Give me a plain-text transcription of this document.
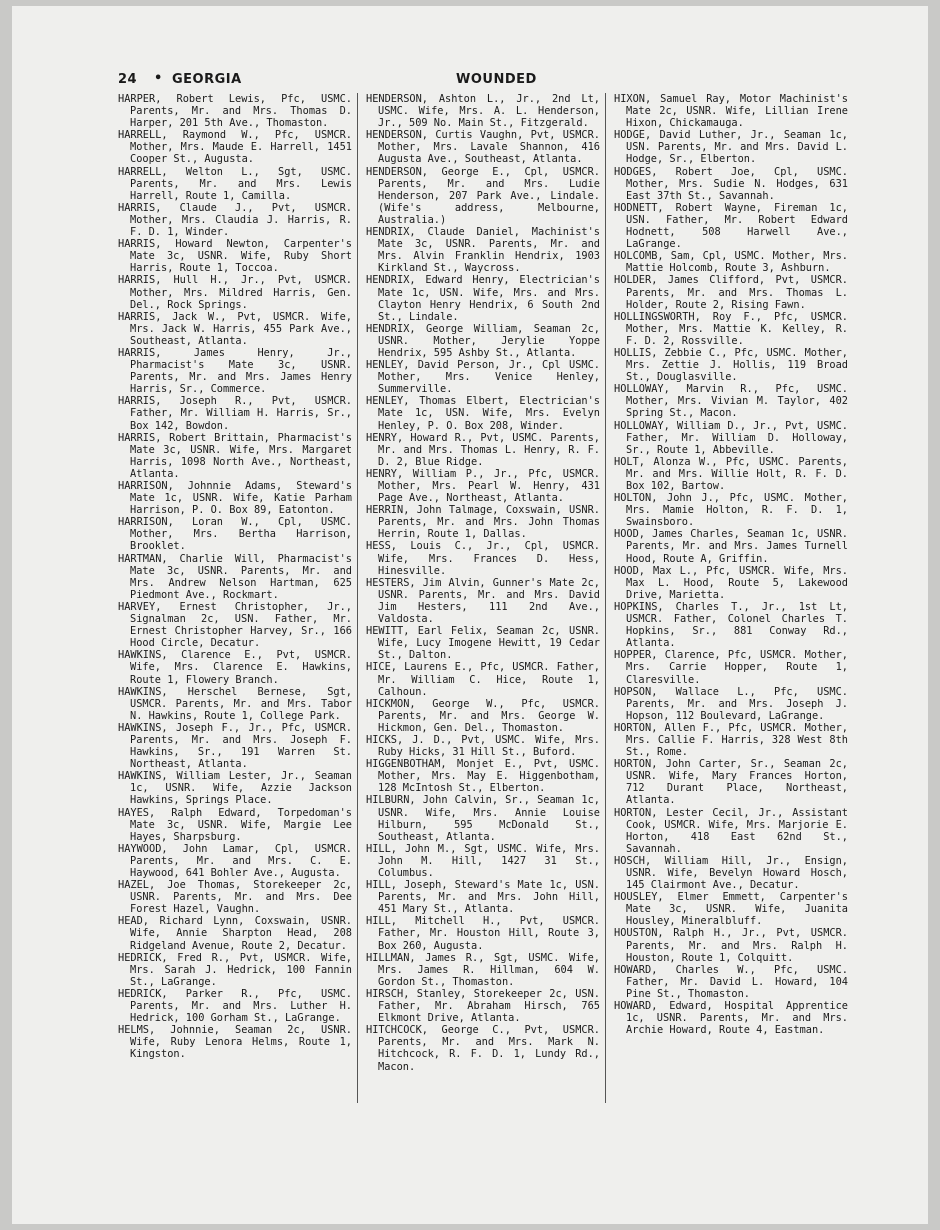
24 • GEORGIA	WOUNDED

HARPER, Robert Lewis, Pfc, USMC. Parents, Mr. and Mrs. Thomas D. Harper, 201 5th Ave., Thomaston.

HARRELL, Raymond W., Pfc, USMCR. Mother, Mrs. Maude E. Harrell, 1451 Cooper St., Augusta.

HARRELL, Welton L., Sgt, USMC. Parents, Mr. and Mrs. Lewis Harrell, Route 1, Camilla.

HARRIS, Claude J., Pvt, USMCR. Mother, Mrs. Claudia J. Harris, R. F. D. 1, Winder.

HARRIS, Howard Newton, Carpenter's Mate 3c, USNR. Wife, Ruby Short Harris, Route 1, Toccoa.

HARRIS, Hull H., Jr., Pvt, USMCR. Mother, Mrs. Mildred Harris, Gen. Del., Rock Springs.

HARRIS, Jack W., Pvt, USMCR. Wife, Mrs. Jack W. Harris, 455 Park Ave., Southeast, Atlanta.

HARRIS, James Henry, Jr., Pharmacist's Mate 3c, USNR. Parents, Mr. and Mrs. James Henry Harris, Sr., Commerce.

HARRIS, Joseph R., Pvt, USMCR. Father, Mr. William H. Harris, Sr., Box 142, Bowdon.

HARRIS, Robert Brittain, Pharmacist's Mate 3c, USNR. Wife, Mrs. Margaret Harris, 1098 North Ave., Northeast, Atlanta.

HARRISON, Johnnie Adams, Steward's Mate 1c, USNR. Wife, Katie Parham Harrison, P. O. Box 89, Eatonton.

HARRISON, Loran W., Cpl, USMC. Mother, Mrs. Bertha Harrison, Brooklet.

HARTMAN, Charlie Will, Pharmacist's Mate 3c, USNR. Parents, Mr. and Mrs. Andrew Nelson Hartman, 625 Piedmont Ave., Rockmart.

HARVEY, Ernest Christopher, Jr., Signalman 2c, USN. Father, Mr. Ernest Christopher Harvey, Sr., 166 Hood Circle, Decatur.

HAWKINS, Clarence E., Pvt, USMCR. Wife, Mrs. Clarence E. Hawkins, Route 1, Flowery Branch.

HAWKINS, Herschel Bernese, Sgt, USMCR. Parents, Mr. and Mrs. Tabor N. Hawkins, Route 1, College Park.

HAWKINS, Joseph F., Jr., Pfc, USMCR. Parents, Mr. and Mrs. Joseph F. Hawkins, Sr., 191 Warren St. Northeast, Atlanta.

HAWKINS, William Lester, Jr., Seaman 1c, USNR. Wife, Azzie Jackson Hawkins, Springs Place.

HAYES, Ralph Edward, Torpedoman's Mate 3c, USNR. Wife, Margie Lee Hayes, Sharpsburg.

HAYWOOD, John Lamar, Cpl, USMCR. Parents, Mr. and Mrs. C. E. Haywood, 641 Bohler Ave., Augusta.

HAZEL, Joe Thomas, Storekeeper 2c, USNR. Parents, Mr. and Mrs. Dee Forest Hazel, Vaughn.

HEAD, Richard Lynn, Coxswain, USNR. Wife, Annie Sharpton Head, 208 Ridgeland Avenue, Route 2, Decatur.

HEDRICK, Fred R., Pvt, USMCR. Wife, Mrs. Sarah J. Hedrick, 100 Fannin St., LaGrange.

HEDRICK, Parker R., Pfc, USMC. Parents, Mr. and Mrs. Luther H. Hedrick, 100 Gorham St., LaGrange.

HELMS, Johnnie, Seaman 2c, USNR. Wife, Ruby Lenora Helms, Route 1, Kingston.

HENDERSON, Ashton L., Jr., 2nd Lt, USMC. Wife, Mrs. A. L. Henderson, Jr., 509 No. Main St., Fitzgerald.

HENDERSON, Curtis Vaughn, Pvt, USMCR. Mother, Mrs. Lavale Shannon, 416 Augusta Ave., Southeast, Atlanta.

HENDERSON, George E., Cpl, USMCR. Parents, Mr. and Mrs. Ludie Henderson, 207 Park Ave., Lindale. (Wife's address, Melbourne, Australia.)

HENDRIX, Claude Daniel, Machinist's Mate 3c, USNR. Parents, Mr. and Mrs. Alvin Franklin Hendrix, 1903 Kirkland St., Waycross.

HENDRIX, Edward Henry, Electrician's Mate 1c, USN. Wife, Mrs. and Mrs. Clayton Henry Hendrix, 6 South 2nd St., Lindale.

HENDRIX, George William, Seaman 2c, USNR. Mother, Jerylie Yoppe Hendrix, 595 Ashby St., Atlanta.

HENLEY, David Person, Jr., Cpl USMC. Mother, Mrs. Venice Henley, Summerville.

HENLEY, Thomas Elbert, Electrician's Mate 1c, USN. Wife, Mrs. Evelyn Henley, P. O. Box 208, Winder.

HENRY, Howard R., Pvt, USMC. Parents, Mr. and Mrs. Thomas L. Henry, R. F. D. 2, Blue Ridge.

HENRY, William P., Jr., Pfc, USMCR. Mother, Mrs. Pearl W. Henry, 431 Page Ave., Northeast, Atlanta.

HERRIN, John Talmage, Coxswain, USNR. Parents, Mr. and Mrs. John Thomas Herrin, Route 1, Dallas.

HESS, Louis C., Jr., Cpl, USMCR. Wife, Mrs. Frances D. Hess, Hinesville.

HESTERS, Jim Alvin, Gunner's Mate 2c, USNR. Parents, Mr. and Mrs. David Jim Hesters, 111 2nd Ave., Valdosta.

HEWITT, Earl Felix, Seaman 2c, USNR. Wife, Lucy Imogene Hewitt, 19 Cedar St., Dalton.

HICE, Laurens E., Pfc, USMCR. Father, Mr. William C. Hice, Route 1, Calhoun.

HICKMON, George W., Pfc, USMCR. Parents, Mr. and Mrs. George W. Hickmon, Gen. Del., Thomaston.

HICKS, J. D., Pvt, USMC. Wife, Mrs. Ruby Hicks, 31 Hill St., Buford.

HIGGENBOTHAM, Monjet E., Pvt, USMC. Mother, Mrs. May E. Higgenbotham, 128 McIntosh St., Elberton.

HILBURN, John Calvin, Sr., Seaman 1c, USNR. Wife, Mrs. Annie Louise Hilburn, 595 McDonald St., Southeast, Atlanta.

HILL, John M., Sgt, USMC. Wife, Mrs. John M. Hill, 1427 31 St., Columbus.

HILL, Joseph, Steward's Mate 1c, USN. Parents, Mr. and Mrs. John Hill, 451 Mary St., Atlanta.

HILL, Mitchell H., Pvt, USMCR. Father, Mr. Houston Hill, Route 3, Box 260, Augusta.

HILLMAN, James R., Sgt, USMC. Wife, Mrs. James R. Hillman, 604 W. Gordon St., Thomaston.

HIRSCH, Stanley, Storekeeper 2c, USN. Father, Mr. Abraham Hirsch, 765 Elkmont Drive, Atlanta.

HITCHCOCK, George C., Pvt, USMCR. Parents, Mr. and Mrs. Mark N. Hitchcock, R. F. D. 1, Lundy Rd., Macon.

HIXON, Samuel Ray, Motor Machinist's Mate 2c, USNR. Wife, Lillian Irene Hixon, Chickamauga.

HODGE, David Luther, Jr., Seaman 1c, USN. Parents, Mr. and Mrs. David L. Hodge, Sr., Elberton.

HODGES, Robert Joe, Cpl, USMC. Mother, Mrs. Sudie N. Hodges, 631 East 37th St., Savannah.

HODNETT, Robert Wayne, Fireman 1c, USN. Father, Mr. Robert Edward Hodnett, 508 Harwell Ave., LaGrange.

HOLCOMB, Sam, Cpl, USMC. Mother, Mrs. Mattie Holcomb, Route 3, Ashburn.

HOLDER, James Clifford, Pvt, USMCR. Parents, Mr. and Mrs. Thomas L. Holder, Route 2, Rising Fawn.

HOLLINGSWORTH, Roy F., Pfc, USMCR. Mother, Mrs. Mattie K. Kelley, R. F. D. 2, Rossville.

HOLLIS, Zebbie C., Pfc, USMC. Mother, Mrs. Zettie J. Hollis, 119 Broad St., Douglasville.

HOLLOWAY, Marvin R., Pfc, USMC. Mother, Mrs. Vivian M. Taylor, 402 Spring St., Macon.

HOLLOWAY, William D., Jr., Pvt, USMC. Father, Mr. William D. Holloway, Sr., Route 1, Abbeville.

HOLT, Alonza W., Pfc, USMC. Parents, Mr. and Mrs. Willie Holt, R. F. D. Box 102, Bartow.

HOLTON, John J., Pfc, USMC. Mother, Mrs. Mamie Holton, R. F. D. 1, Swainsboro.

HOOD, James Charles, Seaman 1c, USNR. Parents, Mr. and Mrs. James Turnell Hood, Route A, Griffin.

HOOD, Max L., Pfc, USMCR. Wife, Mrs. Max L. Hood, Route 5, Lakewood Drive, Marietta.

HOPKINS, Charles T., Jr., 1st Lt, USMCR. Father, Colonel Charles T. Hopkins, Sr., 881 Conway Rd., Atlanta.

HOPPER, Clarence, Pfc, USMCR. Mother, Mrs. Carrie Hopper, Route 1, Claresville.

HOPSON, Wallace L., Pfc, USMC. Parents, Mr. and Mrs. Joseph J. Hopson, 112 Boulevard, LaGrange.

HORTON, Allen F., Pfc, USMCR. Mother, Mrs. Callie F. Harris, 328 West 8th St., Rome.

HORTON, John Carter, Sr., Seaman 2c, USNR. Wife, Mary Frances Horton, 712 Durant Place, Northeast, Atlanta.

HORTON, Lester Cecil, Jr., Assistant Cook, USMCR. Wife, Mrs. Marjorie E. Horton, 418 East 62nd St., Savannah.

HOSCH, William Hill, Jr., Ensign, USNR. Wife, Bevelyn Howard Hosch, 145 Clairmont Ave., Decatur.

HOUSLEY, Elmer Emmett, Carpenter's Mate 3c, USNR. Wife, Juanita Housley, Mineralbluff.

HOUSTON, Ralph H., Jr., Pvt, USMCR. Parents, Mr. and Mrs. Ralph H. Houston, Route 1, Colquitt.

HOWARD, Charles W., Pfc, USMC. Father, Mr. David L. Howard, 104 Pine St., Thomaston.

HOWARD, Edward, Hospital Apprentice 1c, USNR. Parents, Mr. and Mrs. Archie Howard, Route 4, Eastman.
